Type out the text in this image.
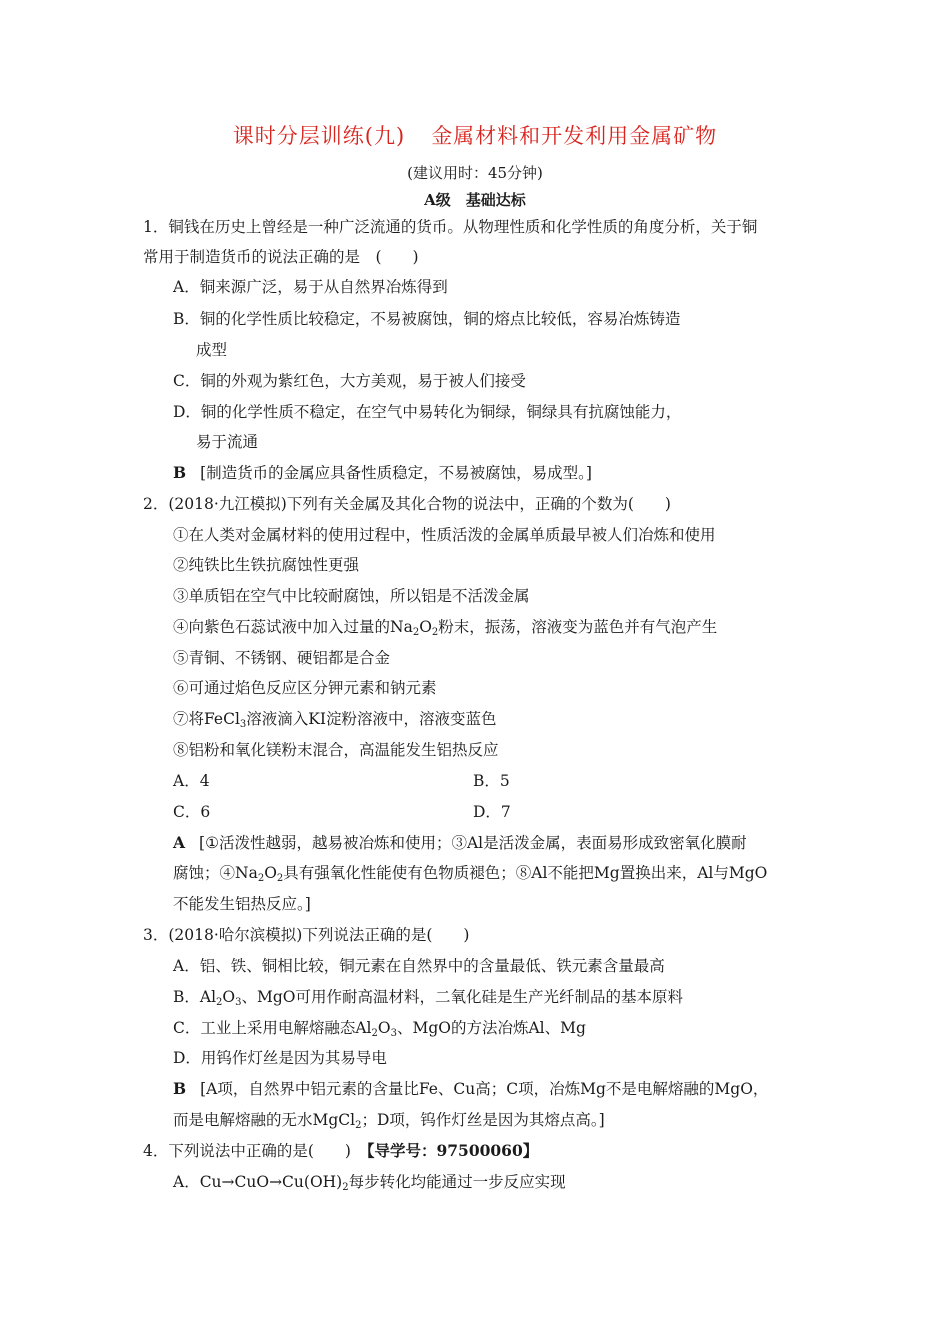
课时分层训练(九) 金属材料和开发利用金属矿物
(建议用时：45分钟)
A级　基础达标
1．铜钱在历史上曾经是一种广泛流通的货币。从物理性质和化学性质的角度分析，关于铜
常用于制造货币的说法正确的是　(　　)
A．铜来源广泛，易于从自然界冶炼得到
B．铜的化学性质比较稳定，不易被腐蚀，铜的熔点比较低，容易冶炼铸造
成型
C．铜的外观为紫红色，大方美观，易于被人们接受
D．铜的化学性质不稳定，在空气中易转化为铜绿，铜绿具有抗腐蚀能力，
易于流通
B [制造货币的金属应具备性质稳定，不易被腐蚀，易成型。]
2．(2018·九江模拟)下列有关金属及其化合物的说法中，正确的个数为(　　)
①在人类对金属材料的使用过程中，性质活泼的金属单质最早被人们冶炼和使用
②纯铁比生铁抗腐蚀性更强
③单质铝在空气中比较耐腐蚀，所以铝是不活泼金属
④向紫色石蕊试液中加入过量的$Na_2O_2$粉末，振荡，溶液变为蓝色并有气泡产生
⑤青铜、不锈钢、硬铝都是合金
⑥可通过焰色反应区分钾元素和钠元素
⑦将FeCl$_3$溶液滴入KI淀粉溶液中，溶液变蓝色
⑧铝粉和氧化镁粉末混合，高温能发生铝热反应
A．4	B．5
C．6	D．7
A [①活泼性越弱，越易被冶炼和使用；③Al是活泼金属，表面易形成致密氧化膜耐
腐蚀；$④Na_2O_2$具有强氧化性能使有色物质褪色；⑧Al不能把Mg置换出来，Al与MgO
不能发生铝热反应。]
3．(2018·哈尔滨模拟)下列说法正确的是(　　)
A．铝、铁、铜相比较，铜元素在自然界中的含量最低、铁元素含量最高
B．$Al_2O_3$、MgO可用作耐高温材料，二氧化硅是生产光纤制品的基本原料
C．工业上采用电解熔融态$Al_2O_3$、MgO的方法冶炼Al、Mg
D．用钨作灯丝是因为其易导电
B [A项，自然界中铝元素的含量比Fe、Cu高；C项，冶炼Mg不是电解熔融的MgO，
而是电解熔融的无水MgCl$_2$；D项，钨作灯丝是因为其熔点高。]
4．下列说法中正确的是(　　) 【导学号：97500060】
A．$Cu\to CuO\to Cu(OH)_2$每步转化均能通过一步反应实现
